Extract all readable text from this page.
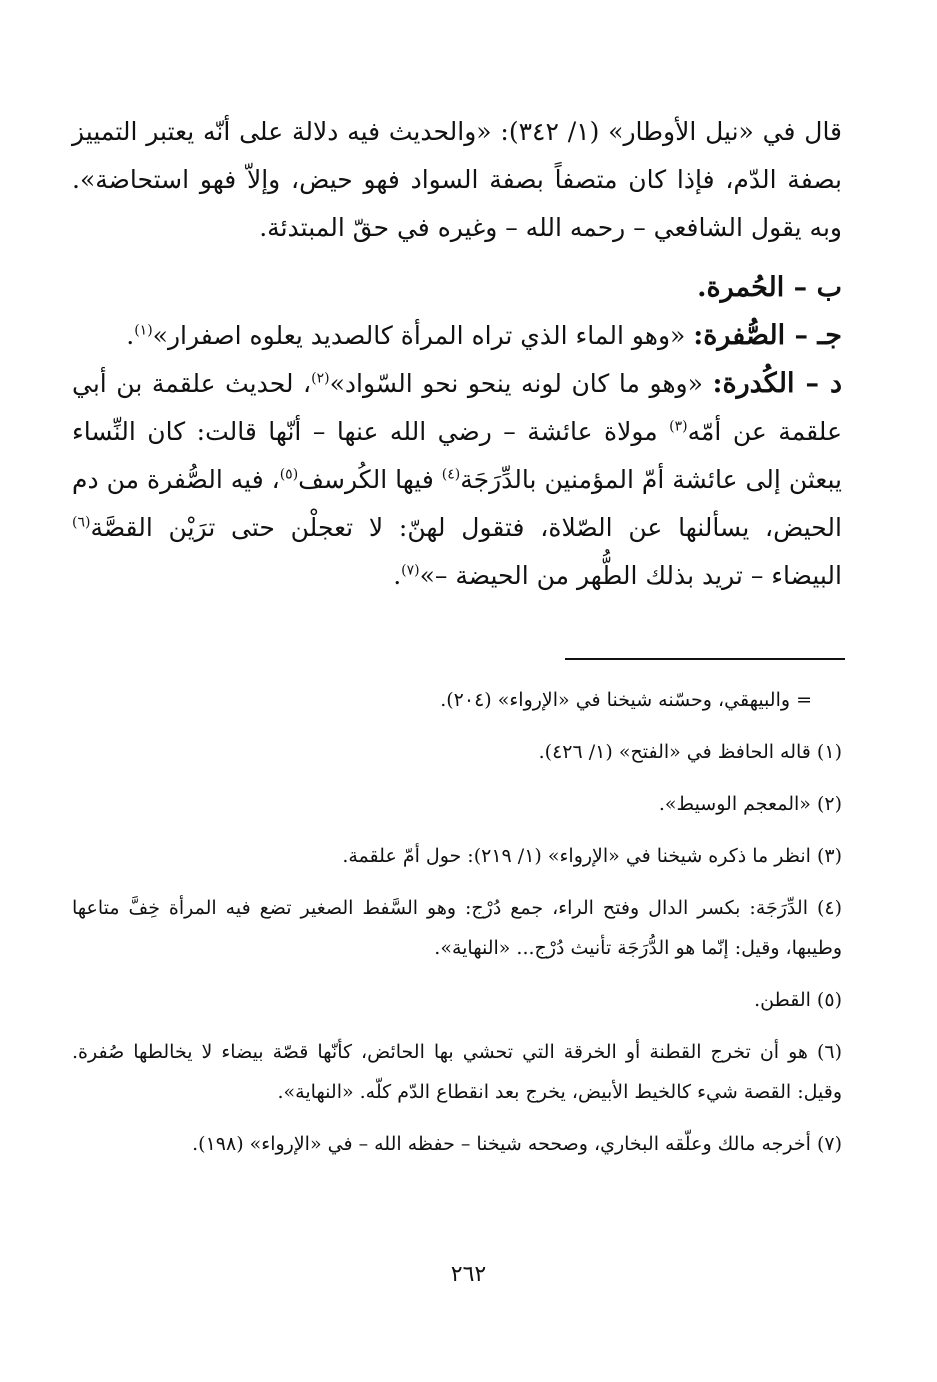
قال في «نيل الأوطار» (١/ ٣٤٢): «والحديث فيه دلالة على أنّه يعتبر التمييز بصفة الدّم، فإذا كان متصفاً بصفة السواد فهو حيض، وإلاّ فهو استحاضة». وبه يقول الشافعي – رحمه الله – وغيره في حقّ المبتدئة.

ب – الحُمرة.

جـ – الصُّفرة: «وهو الماء الذي تراه المرأة كالصديد يعلوه اصفرار»$^{(١)}$.

د – الكُدرة: «وهو ما كان لونه ينحو نحو السّواد»$^{(٢)}$، لحديث علقمة بن أبي علقمة عن أمّه$^{(٣)}$ مولاة عائشة – رضي الله عنها – أنّها قالت: كان النِّساء يبعثن إلى عائشة أمّ المؤمنين بالدِّرَجَة$^{(٤)}$ فيها الكُرسف$^{(٥)}$، فيه الصُّفرة من دم الحيض، يسألنها عن الصّلاة، فتقول لهنّ: لا تعجلْن حتى ترَيْن القصَّة$^{(٦)}$ البيضاء – تريد بذلك الطُّهر من الحيضة –»$^{(٧)}$.

= والبيهقي، وحسّنه شيخنا في «الإرواء» (٢٠٤).

(١) قاله الحافظ في «الفتح» (١/ ٤٢٦).

(٢) «المعجم الوسيط».

(٣) انظر ما ذكره شيخنا في «الإرواء» (١/ ٢١٩): حول أمّ علقمة.

(٤) الدِّرَجَة: بكسر الدال وفتح الراء، جمع دُرْج: وهو السَّفط الصغير تضع فيه المرأة خِفَّ متاعها وطيبها، وقيل: إنّما هو الدُّرَجَة تأنيث دُرْج... «النهاية».

(٥) القطن.

(٦) هو أن تخرج القطنة أو الخرقة التي تحشي بها الحائض، كأنّها قصّة بيضاء لا يخالطها صُفرة. وقيل: القصة شيء كالخيط الأبيض، يخرج بعد انقطاع الدّم كلّه. «النهاية».

(٧) أخرجه مالك وعلّقه البخاري، وصححه شيخنا – حفظه الله – في «الإرواء» (١٩٨).

٢٦٢
